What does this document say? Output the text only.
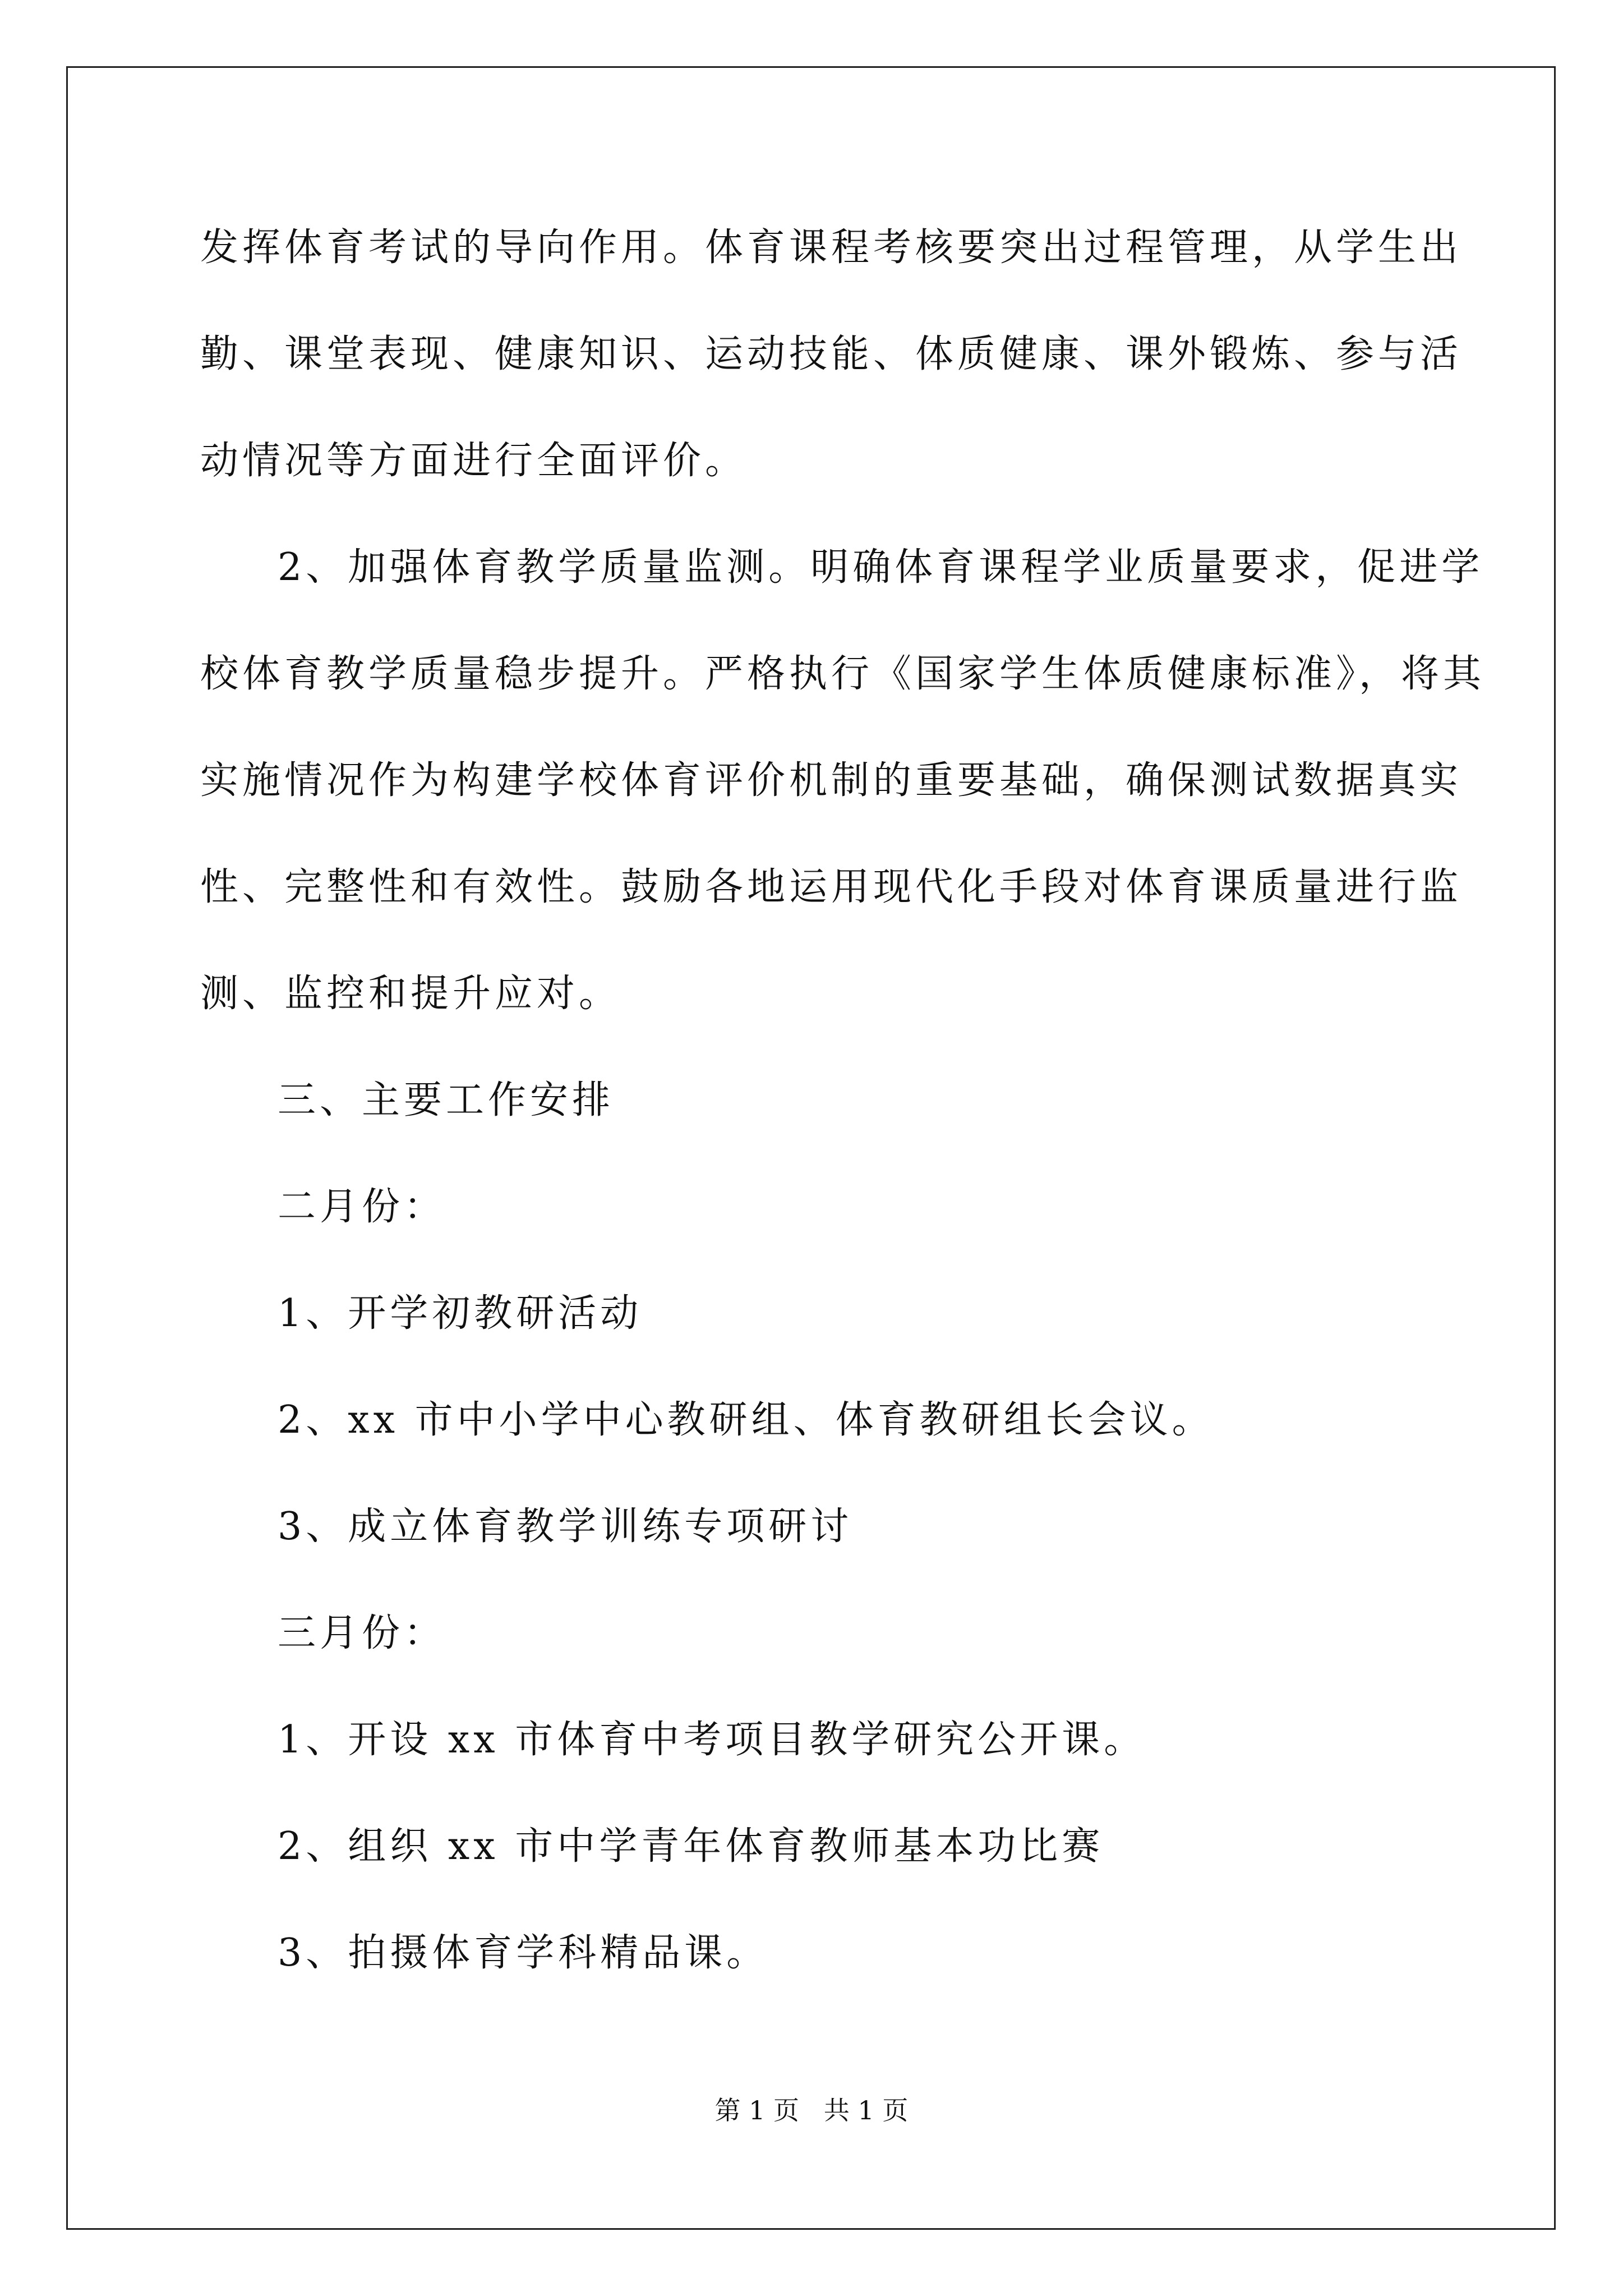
发挥体育考试的导向作用。体育课程考核要突出过程管理，从学生出
勤、课堂表现、健康知识、运动技能、体质健康、课外锻炼、参与活
动情况等方面进行全面评价。
2、加强体育教学质量监测。明确体育课程学业质量要求，促进学
校体育教学质量稳步提升。严格执行《国家学生体质健康标准》，将其
实施情况作为构建学校体育评价机制的重要基础，确保测试数据真实
性、完整性和有效性。鼓励各地运用现代化手段对体育课质量进行监
测、监控和提升应对。
三、主要工作安排
二月份：
1、开学初教研活动
2、xx 市中小学中心教研组、体育教研组长会议。
3、成立体育教学训练专项研讨
三月份：
1、开设 xx 市体育中考项目教学研究公开课。
2、组织 xx 市中学青年体育教师基本功比赛
3、拍摄体育学科精品课。
第 1 页   共 1 页
